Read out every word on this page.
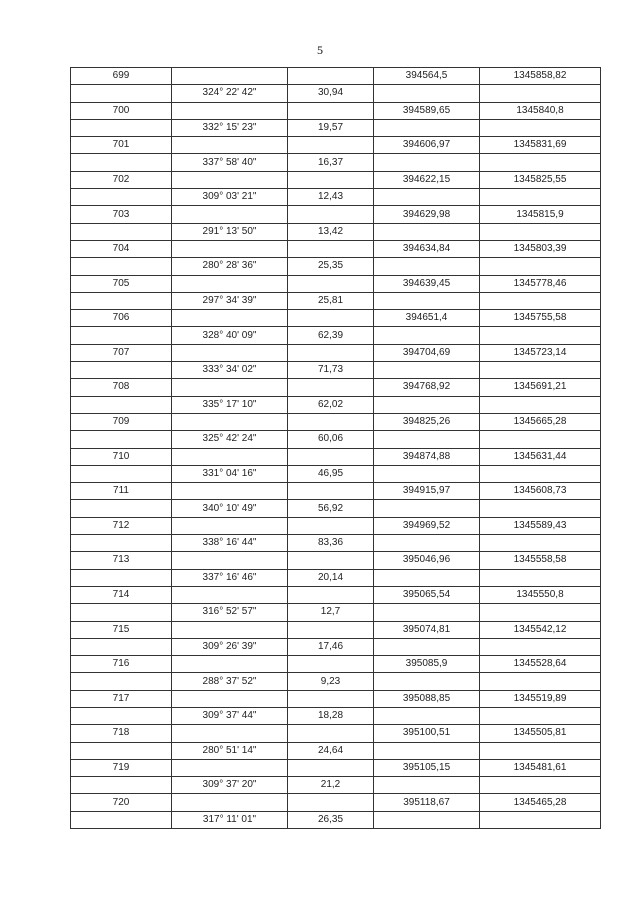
5
699			394564,5	1345858,82
	324° 22' 42"	30,94		
700			394589,65	1345840,8
	332° 15' 23"	19,57		
701			394606,97	1345831,69
	337° 58' 40"	16,37		
702			394622,15	1345825,55
	309° 03' 21"	12,43		
703			394629,98	1345815,9
	291° 13' 50"	13,42		
704			394634,84	1345803,39
	280° 28' 36"	25,35		
705			394639,45	1345778,46
	297° 34' 39"	25,81		
706			394651,4	1345755,58
	328° 40' 09"	62,39		
707			394704,69	1345723,14
	333° 34' 02"	71,73		
708			394768,92	1345691,21
	335° 17' 10"	62,02		
709			394825,26	1345665,28
	325° 42' 24"	60,06		
710			394874,88	1345631,44
	331° 04' 16"	46,95		
711			394915,97	1345608,73
	340° 10' 49"	56,92		
712			394969,52	1345589,43
	338° 16' 44"	83,36		
713			395046,96	1345558,58
	337° 16' 46"	20,14		
714			395065,54	1345550,8
	316° 52' 57"	12,7		
715			395074,81	1345542,12
	309° 26' 39"	17,46		
716			395085,9	1345528,64
	288° 37' 52"	9,23		
717			395088,85	1345519,89
	309° 37' 44"	18,28		
718			395100,51	1345505,81
	280° 51' 14"	24,64		
719			395105,15	1345481,61
	309° 37' 20"	21,2		
720			395118,67	1345465,28
	317° 11' 01"	26,35		
